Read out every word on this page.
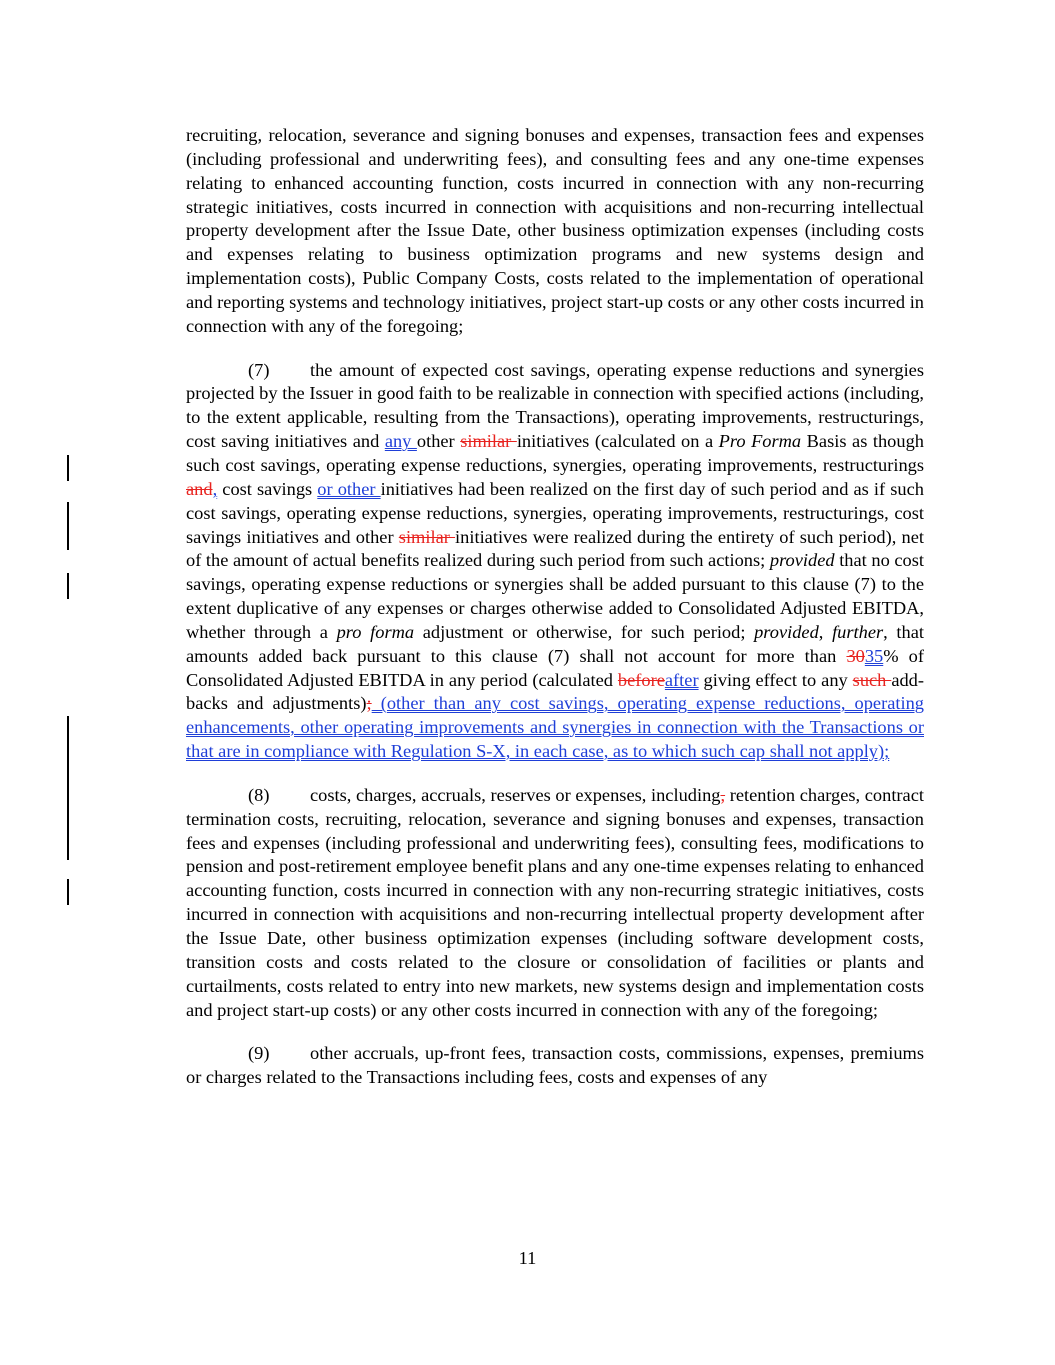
recruiting, relocation, severance and signing bonuses and expenses, transaction fees and expenses (including professional and underwriting fees), and consulting fees and any one-time expenses relating to enhanced accounting function, costs incurred in connection with any non-recurring strategic initiatives, costs incurred in connection with acquisitions and non-recurring intellectual property development after the Issue Date, other business optimization expenses (including costs and expenses relating to business optimization programs and new systems design and implementation costs), Public Company Costs, costs related to the implementation of operational and reporting systems and technology initiatives, project start-up costs or any other costs incurred in connection with any of the foregoing;

(7) the amount of expected cost savings, operating expense reductions and synergies projected by the Issuer in good faith to be realizable in connection with specified actions (including, to the extent applicable, resulting from the Transactions), operating improvements, restructurings, cost saving initiatives and any other similar initiatives (calculated on a Pro Forma Basis as though such cost savings, operating expense reductions, synergies, operating improvements, restructurings and, cost savings or other initiatives had been realized on the first day of such period and as if such cost savings, operating expense reductions, synergies, operating improvements, restructurings, cost savings initiatives and other similar initiatives were realized during the entirety of such period), net of the amount of actual benefits realized during such period from such actions; provided that no cost savings, operating expense reductions or synergies shall be added pursuant to this clause (7) to the extent duplicative of any expenses or charges otherwise added to Consolidated Adjusted EBITDA, whether through a pro forma adjustment or otherwise, for such period; provided, further, that amounts added back pursuant to this clause (7) shall not account for more than 3035% of Consolidated Adjusted EBITDA in any period (calculated beforeafter giving effect to any such add-backs and adjustments); (other than any cost savings, operating expense reductions, operating enhancements, other operating improvements and synergies in connection with the Transactions or that are in compliance with Regulation S-X, in each case, as to which such cap shall not apply);

(8) costs, charges, accruals, reserves or expenses, including, retention charges, contract termination costs, recruiting, relocation, severance and signing bonuses and expenses, transaction fees and expenses (including professional and underwriting fees), consulting fees, modifications to pension and post-retirement employee benefit plans and any one-time expenses relating to enhanced accounting function, costs incurred in connection with any non-recurring strategic initiatives, costs incurred in connection with acquisitions and non-recurring intellectual property development after the Issue Date, other business optimization expenses (including software development costs, transition costs and costs related to the closure or consolidation of facilities or plants and curtailments, costs related to entry into new markets, new systems design and implementation costs and project start-up costs) or any other costs incurred in connection with any of the foregoing;

(9) other accruals, up-front fees, transaction costs, commissions, expenses, premiums or charges related to the Transactions including fees, costs and expenses of any

11
